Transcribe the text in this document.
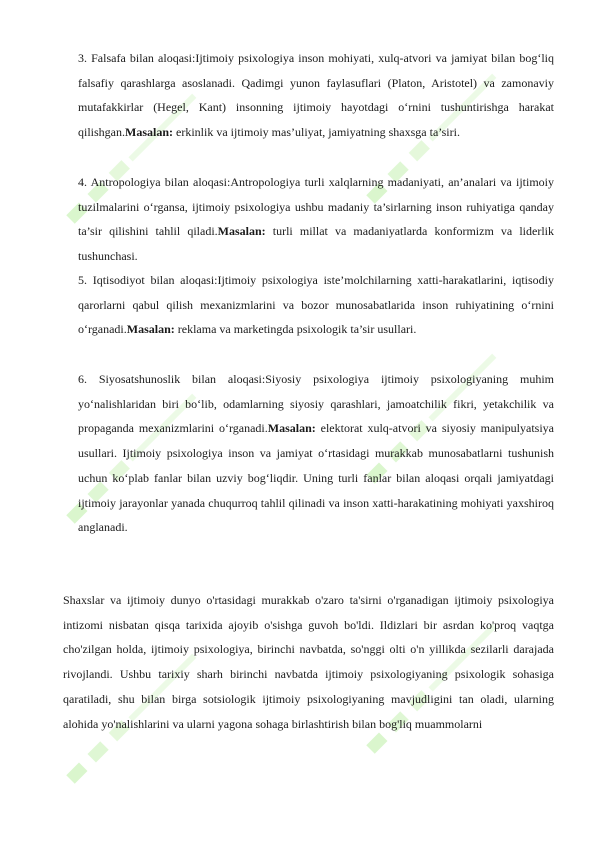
3. Falsafa bilan aloqasi:Ijtimoiy psixologiya inson mohiyati, xulq-atvori va jamiyat bilan bog‘liq falsafiy qarashlarga asoslanadi. Qadimgi yunon faylasuflari (Platon, Aristotel) va zamonaviy mutafakkirlar (Hegel, Kant) insonning ijtimoiy hayotdagi o‘rnini tushuntirishga harakat qilishgan.Masalan: erkinlik va ijtimoiy mas’uliyat, jamiyatning shaxsga ta’siri.

4. Antropologiya bilan aloqasi:Antropologiya turli xalqlarning madaniyati, an’analari va ijtimoiy tuzilmalarini o‘rgansa, ijtimoiy psixologiya ushbu madaniy ta’sirlarning inson ruhiyatiga qanday ta’sir qilishini tahlil qiladi.Masalan: turli millat va madaniyatlarda konformizm va liderlik tushunchasi.

5. Iqtisodiyot bilan aloqasi:Ijtimoiy psixologiya iste’molchilarning xatti-harakatlarini, iqtisodiy qarorlarni qabul qilish mexanizmlarini va bozor munosabatlarida inson ruhiyatining o‘rnini o‘rganadi.Masalan: reklama va marketingda psixologik ta’sir usullari.

6. Siyosatshunoslik bilan aloqasi:Siyosiy psixologiya ijtimoiy psixologiyaning muhim yo‘nalishlaridan biri bo‘lib, odamlarning siyosiy qarashlari, jamoatchilik fikri, yetakchilik va propaganda mexanizmlarini o‘rganadi.Masalan: elektorat xulq-atvori va siyosiy manipulyatsiya usullari. Ijtimoiy psixologiya inson va jamiyat o‘rtasidagi murakkab munosabatlarni tushunish uchun ko‘plab fanlar bilan uzviy bog‘liqdir. Uning turli fanlar bilan aloqasi orqali jamiyatdagi ijtimoiy jarayonlar yanada chuqurroq tahlil qilinadi va inson xatti-harakatining mohiyati yaxshiroq anglanadi.

Shaxslar va ijtimoiy dunyo o'rtasidagi murakkab o'zaro ta'sirni o'rganadigan ijtimoiy psixologiya intizomi nisbatan qisqa tarixida ajoyib o'sishga guvoh bo'ldi. Ildizlari bir asrdan ko'proq vaqtga cho'zilgan holda, ijtimoiy psixologiya, birinchi navbatda, so'nggi olti o'n yillikda sezilarli darajada rivojlandi. Ushbu tarixiy sharh birinchi navbatda ijtimoiy psixologiyaning psixologik sohasiga qaratiladi, shu bilan birga sotsiologik ijtimoiy psixologiyaning mavjudligini tan oladi, ularning alohida yo'nalishlarini va ularni yagona sohaga birlashtirish bilan bog'liq muammolarni
